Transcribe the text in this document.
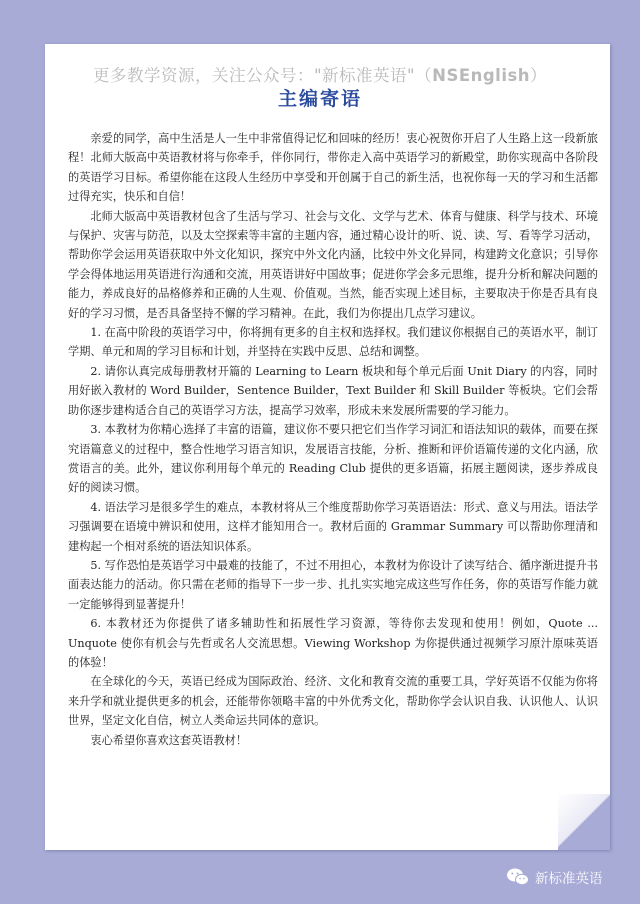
更多教学资源，关注公众号："新标准英语"（NSEnglish）
主编寄语

亲爱的同学，高中生活是人一生中非常值得记忆和回味的经历！衷心祝贺你开启了人生路上这一段新旅程！北师大版高中英语教材将与你牵手，伴你同行，带你走入高中英语学习的新殿堂，助你实现高中各阶段的英语学习目标。希望你能在这段人生经历中享受和开创属于自己的新生活，也祝你每一天的学习和生活都过得充实，快乐和自信！

北师大版高中英语教材包含了生活与学习、社会与文化、文学与艺术、体育与健康、科学与技术、环境与保护、灾害与防范，以及太空探索等丰富的主题内容，通过精心设计的听、说、读、写、看等学习活动，帮助你学会运用英语获取中外文化知识，探究中外文化内涵，比较中外文化异同，构建跨文化意识；引导你学会得体地运用英语进行沟通和交流，用英语讲好中国故事；促进你学会多元思维，提升分析和解决问题的能力，养成良好的品格修养和正确的人生观、价值观。当然，能否实现上述目标，主要取决于你是否具有良好的学习习惯，是否具备坚持不懈的学习精神。在此，我们为你提出几点学习建议。

1. 在高中阶段的英语学习中，你将拥有更多的自主权和选择权。我们建议你根据自己的英语水平，制订学期、单元和周的学习目标和计划，并坚持在实践中反思、总结和调整。

2. 请你认真完成每册教材开篇的 Learning to Learn 板块和每个单元后面 Unit Diary 的内容，同时用好嵌入教材的 Word Builder，Sentence Builder，Text Builder 和 Skill Builder 等板块。它们会帮助你逐步建构适合自己的英语学习方法，提高学习效率，形成未来发展所需要的学习能力。

3. 本教材为你精心选择了丰富的语篇，建议你不要只把它们当作学习词汇和语法知识的载体，而要在探究语篇意义的过程中，整合性地学习语言知识，发展语言技能，分析、推断和评价语篇传递的文化内涵，欣赏语言的美。此外，建议你利用每个单元的 Reading Club 提供的更多语篇，拓展主题阅读，逐步养成良好的阅读习惯。

4. 语法学习是很多学生的难点，本教材将从三个维度帮助你学习英语语法：形式、意义与用法。语法学习强调要在语境中辨识和使用，这样才能知用合一。教材后面的 Grammar Summary 可以帮助你理清和建构起一个相对系统的语法知识体系。

5. 写作恐怕是英语学习中最难的技能了，不过不用担心，本教材为你设计了读写结合、循序渐进提升书面表达能力的活动。你只需在老师的指导下一步一步、扎扎实实地完成这些写作任务，你的英语写作能力就一定能够得到显著提升！

6. 本教材还为你提供了诸多辅助性和拓展性学习资源，等待你去发现和使用！例如，Quote ... Unquote 使你有机会与先哲或名人交流思想。Viewing Workshop 为你提供通过视频学习原汁原味英语的体验！

在全球化的今天，英语已经成为国际政治、经济、文化和教育交流的重要工具，学好英语不仅能为你将来升学和就业提供更多的机会，还能带你领略丰富的中外优秀文化，帮助你学会认识自我、认识他人、认识世界，坚定文化自信，树立人类命运共同体的意识。

衷心希望你喜欢这套英语教材！

新标准英语
